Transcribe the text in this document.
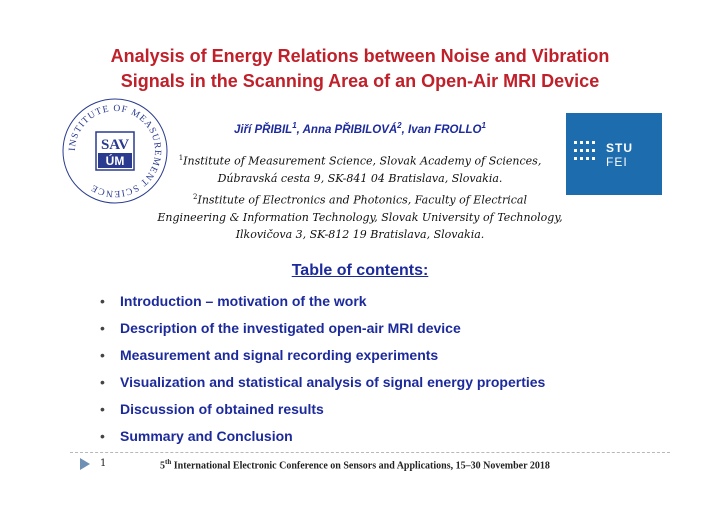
Analysis of Energy Relations between Noise and Vibration
Signals in the Scanning Area of an Open-Air MRI Device
INSTITUTE OF MEASUREMENT SCIENCE
SAV
ÚM
STU
FEI
Jiří PŘIBIL$^1$, Anna PŘIBILOVÁ$^2$, Ivan FROLLO$^1$
$^1$Institute of Measurement Science, Slovak Academy of Sciences,
Dúbravská cesta 9, SK-841 04 Bratislava, Slovakia.
$^2$Institute of Electronics and Photonics, Faculty of Electrical
Engineering & Information Technology, Slovak University of Technology,
Ilkovičova 3, SK-812 19 Bratislava, Slovakia.
Table of contents:
• Introduction – motivation of the work
• Description of the investigated open-air MRI device
• Measurement and signal recording experiments
• Visualization and statistical analysis of signal energy properties
• Discussion of obtained results
• Summary and Conclusion
1	5th International Electronic Conference on Sensors and Applications, 15–30 November 2018
